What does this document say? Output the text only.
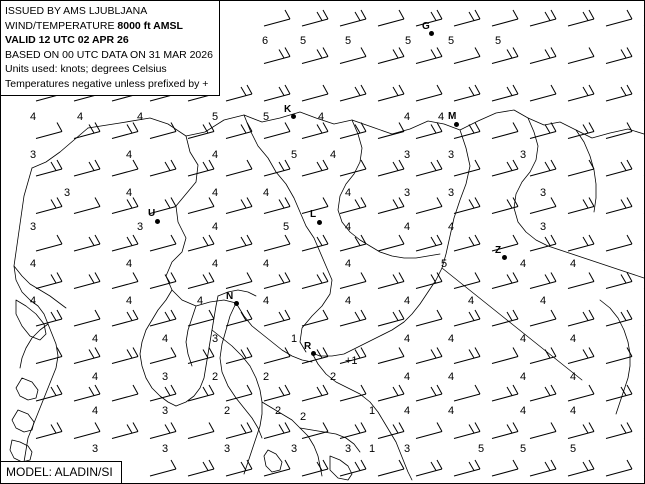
6	5	5	5	5	5
4	4	4	5	5	4	4	4
3	4	4	5	4	3	3	3
3	4	4	4	4	3	3	3
3	3	4	5	4	4	4	3
4	4	4	4	4	5	4	4
4	4	4	4	4	4	4	4
4	4	3	1
+1
4	4	4	4
4	3	2	2	2	4	4	4	4
4	3	2	2 2	1	4	4	4	4
3	3	3	3	3 1	3	5	5	5
G
K
M
U	L
Z
N
R
ISSUED BY AMS LJUBLJANA
WIND/TEMPERATURE 8000 ft AMSL
VALID 12 UTC 02 APR 26
BASED ON 00 UTC DATA ON 31 MAR 2026
Units used: knots; degrees Celsius
Temperatures negative unless prefixed by +
MODEL: ALADIN/SI
